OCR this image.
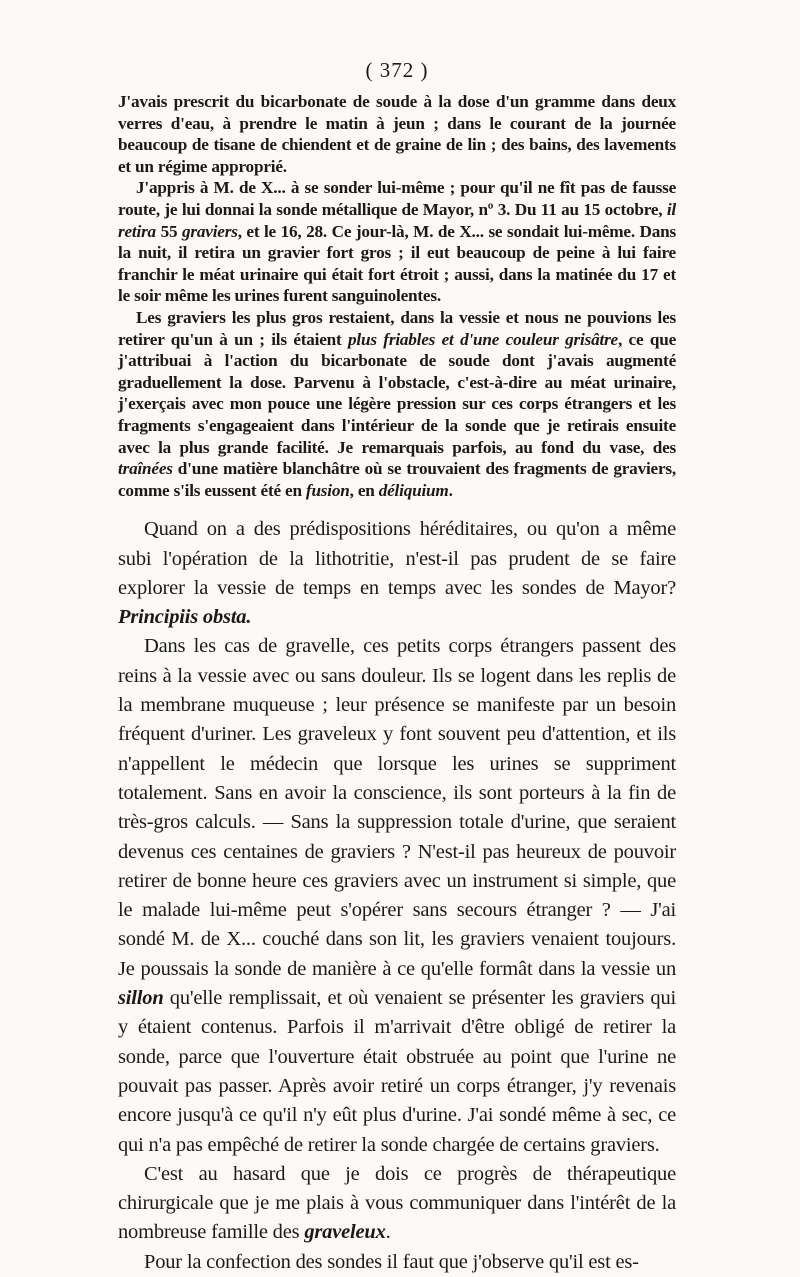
( 372 )

J'avais prescrit du bicarbonate de soude à la dose d'un gramme dans deux verres d'eau, à prendre le matin à jeun ; dans le courant de la journée beaucoup de tisane de chiendent et de graine de lin ; des bains, des lavements et un régime approprié.

J'appris à M. de X... à se sonder lui-même ; pour qu'il ne fît pas de fausse route, je lui donnai la sonde métallique de Mayor, nº 3. Du 11 au 15 octobre, il retira 55 graviers, et le 16, 28. Ce jour-là, M. de X... se sondait lui-même. Dans la nuit, il retira un gravier fort gros ; il eut beaucoup de peine à lui faire franchir le méat urinaire qui était fort étroit ; aussi, dans la matinée du 17 et le soir même les urines furent sanguinolentes.

Les graviers les plus gros restaient, dans la vessie et nous ne pouvions les retirer qu'un à un ; ils étaient plus friables et d'une couleur grisâtre, ce que j'attribuai à l'action du bicarbonate de soude dont j'avais augmenté graduellement la dose. Parvenu à l'obstacle, c'est-à-dire au méat urinaire, j'exerçais avec mon pouce une légère pression sur ces corps étrangers et les fragments s'engageaient dans l'intérieur de la sonde que je retirais ensuite avec la plus grande facilité. Je remarquais parfois, au fond du vase, des traînées d'une matière blanchâtre où se trouvaient des fragments de graviers, comme s'ils eussent été en fusion, en déliquium.

Quand on a des prédispositions héréditaires, ou qu'on a même subi l'opération de la lithotritie, n'est-il pas prudent de se faire explorer la vessie de temps en temps avec les sondes de Mayor? Principiis obsta.

Dans les cas de gravelle, ces petits corps étrangers passent des reins à la vessie avec ou sans douleur. Ils se logent dans les replis de la membrane muqueuse ; leur présence se manifeste par un besoin fréquent d'uriner. Les graveleux y font souvent peu d'attention, et ils n'appellent le médecin que lorsque les urines se suppriment totalement. Sans en avoir la conscience, ils sont porteurs à la fin de très-gros calculs. — Sans la suppression totale d'urine, que seraient devenus ces centaines de graviers ? N'est-il pas heureux de pouvoir retirer de bonne heure ces graviers avec un instrument si simple, que le malade lui-même peut s'opérer sans secours étranger ? — J'ai sondé M. de X... couché dans son lit, les graviers venaient toujours. Je poussais la sonde de manière à ce qu'elle formât dans la vessie un sillon qu'elle remplissait, et où venaient se présenter les graviers qui y étaient contenus. Parfois il m'arrivait d'être obligé de retirer la sonde, parce que l'ouverture était obstruée au point que l'urine ne pouvait pas passer. Après avoir retiré un corps étranger, j'y revenais encore jusqu'à ce qu'il n'y eût plus d'urine. J'ai sondé même à sec, ce qui n'a pas empêché de retirer la sonde chargée de certains graviers.

C'est au hasard que je dois ce progrès de thérapeutique chirurgicale que je me plais à vous communiquer dans l'intérêt de la nombreuse famille des graveleux.

Pour la confection des sondes il faut que j'observe qu'il est es-
